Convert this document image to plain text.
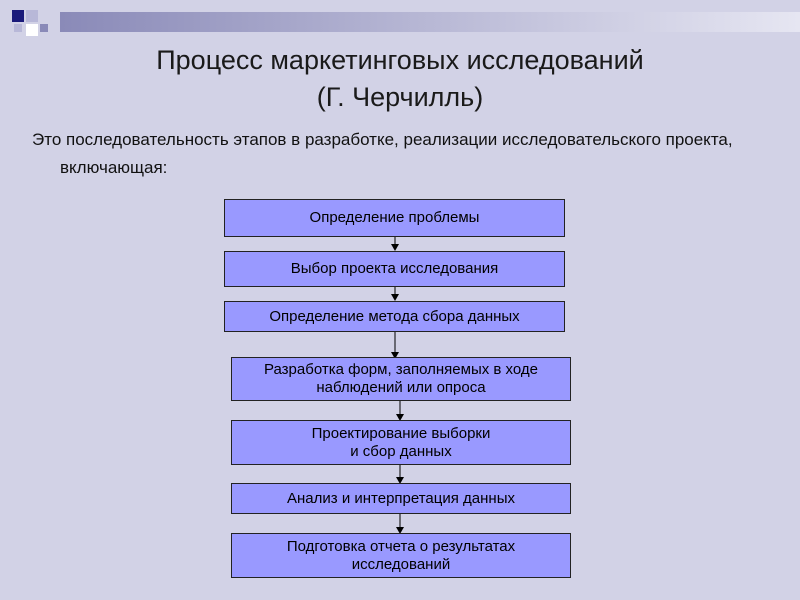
Процесс маркетинговых исследований
(Г. Черчилль)
Это последовательность этапов в разработке, реализации исследовательского проекта, включающая:
Определение проблемы
Выбор проекта исследования
Определение метода сбора данных
Разработка форм, заполняемых в ходе
наблюдений или опроса
Проектирование выборки
и сбор данных
Анализ и интерпретация данных
Подготовка отчета о результатах
исследований
